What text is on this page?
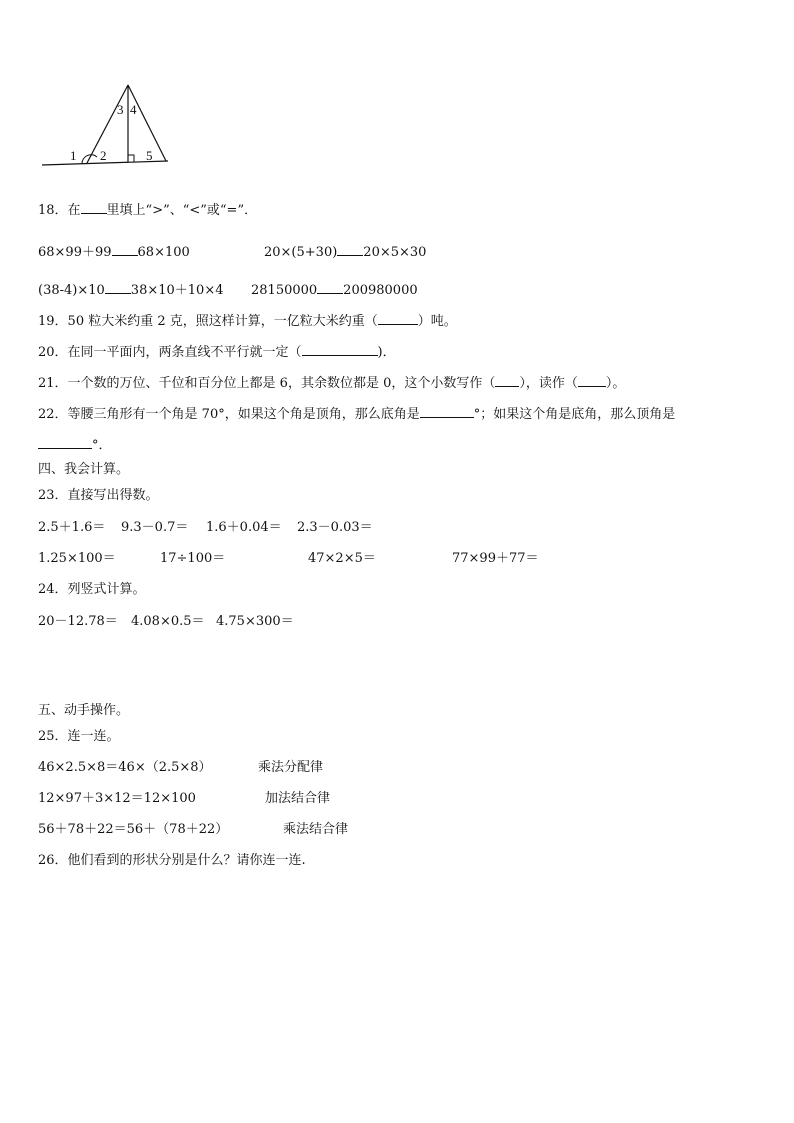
1 2
3 4
5
18．在 里填上“>”、“<”或“=”．
68×99＋99 68×100	20×(5+30) 20×5×30
(38-4)×10 38×10＋10×4 28150000 200980000
19．50 粒大米约重 2 克，照这样计算，一亿粒大米约重（	）吨。
20．在同一平面内，两条直线不平行就一定（	)．
21．一个数的万位、千位和百分位上都是 6，其余数位都是 0，这个小数写作（ ），读作（ ）。
22．等腰三角形有一个角是 70°，如果这个角是顶角，那么底角是	°；如果这个角是底角，那么顶角是
°．
四、我会计算。
23．直接写出得数。
2.5＋1.6＝ 9.3－0.7＝ 1.6＋0.04＝ 2.3－0.03＝
1.25×100＝	17÷100＝	47×2×5＝	77×99＋77＝
24．列竖式计算。
20－12.78＝ 4.08×0.5＝ 4.75×300＝
五、动手操作。
25．连一连。
46×2.5×8＝46×（2.5×8）	乘法分配律
12×97＋3×12＝12×100	加法结合律
56＋78＋22＝56＋（78＋22）	乘法结合律
26．他们看到的形状分别是什么？请你连一连.
